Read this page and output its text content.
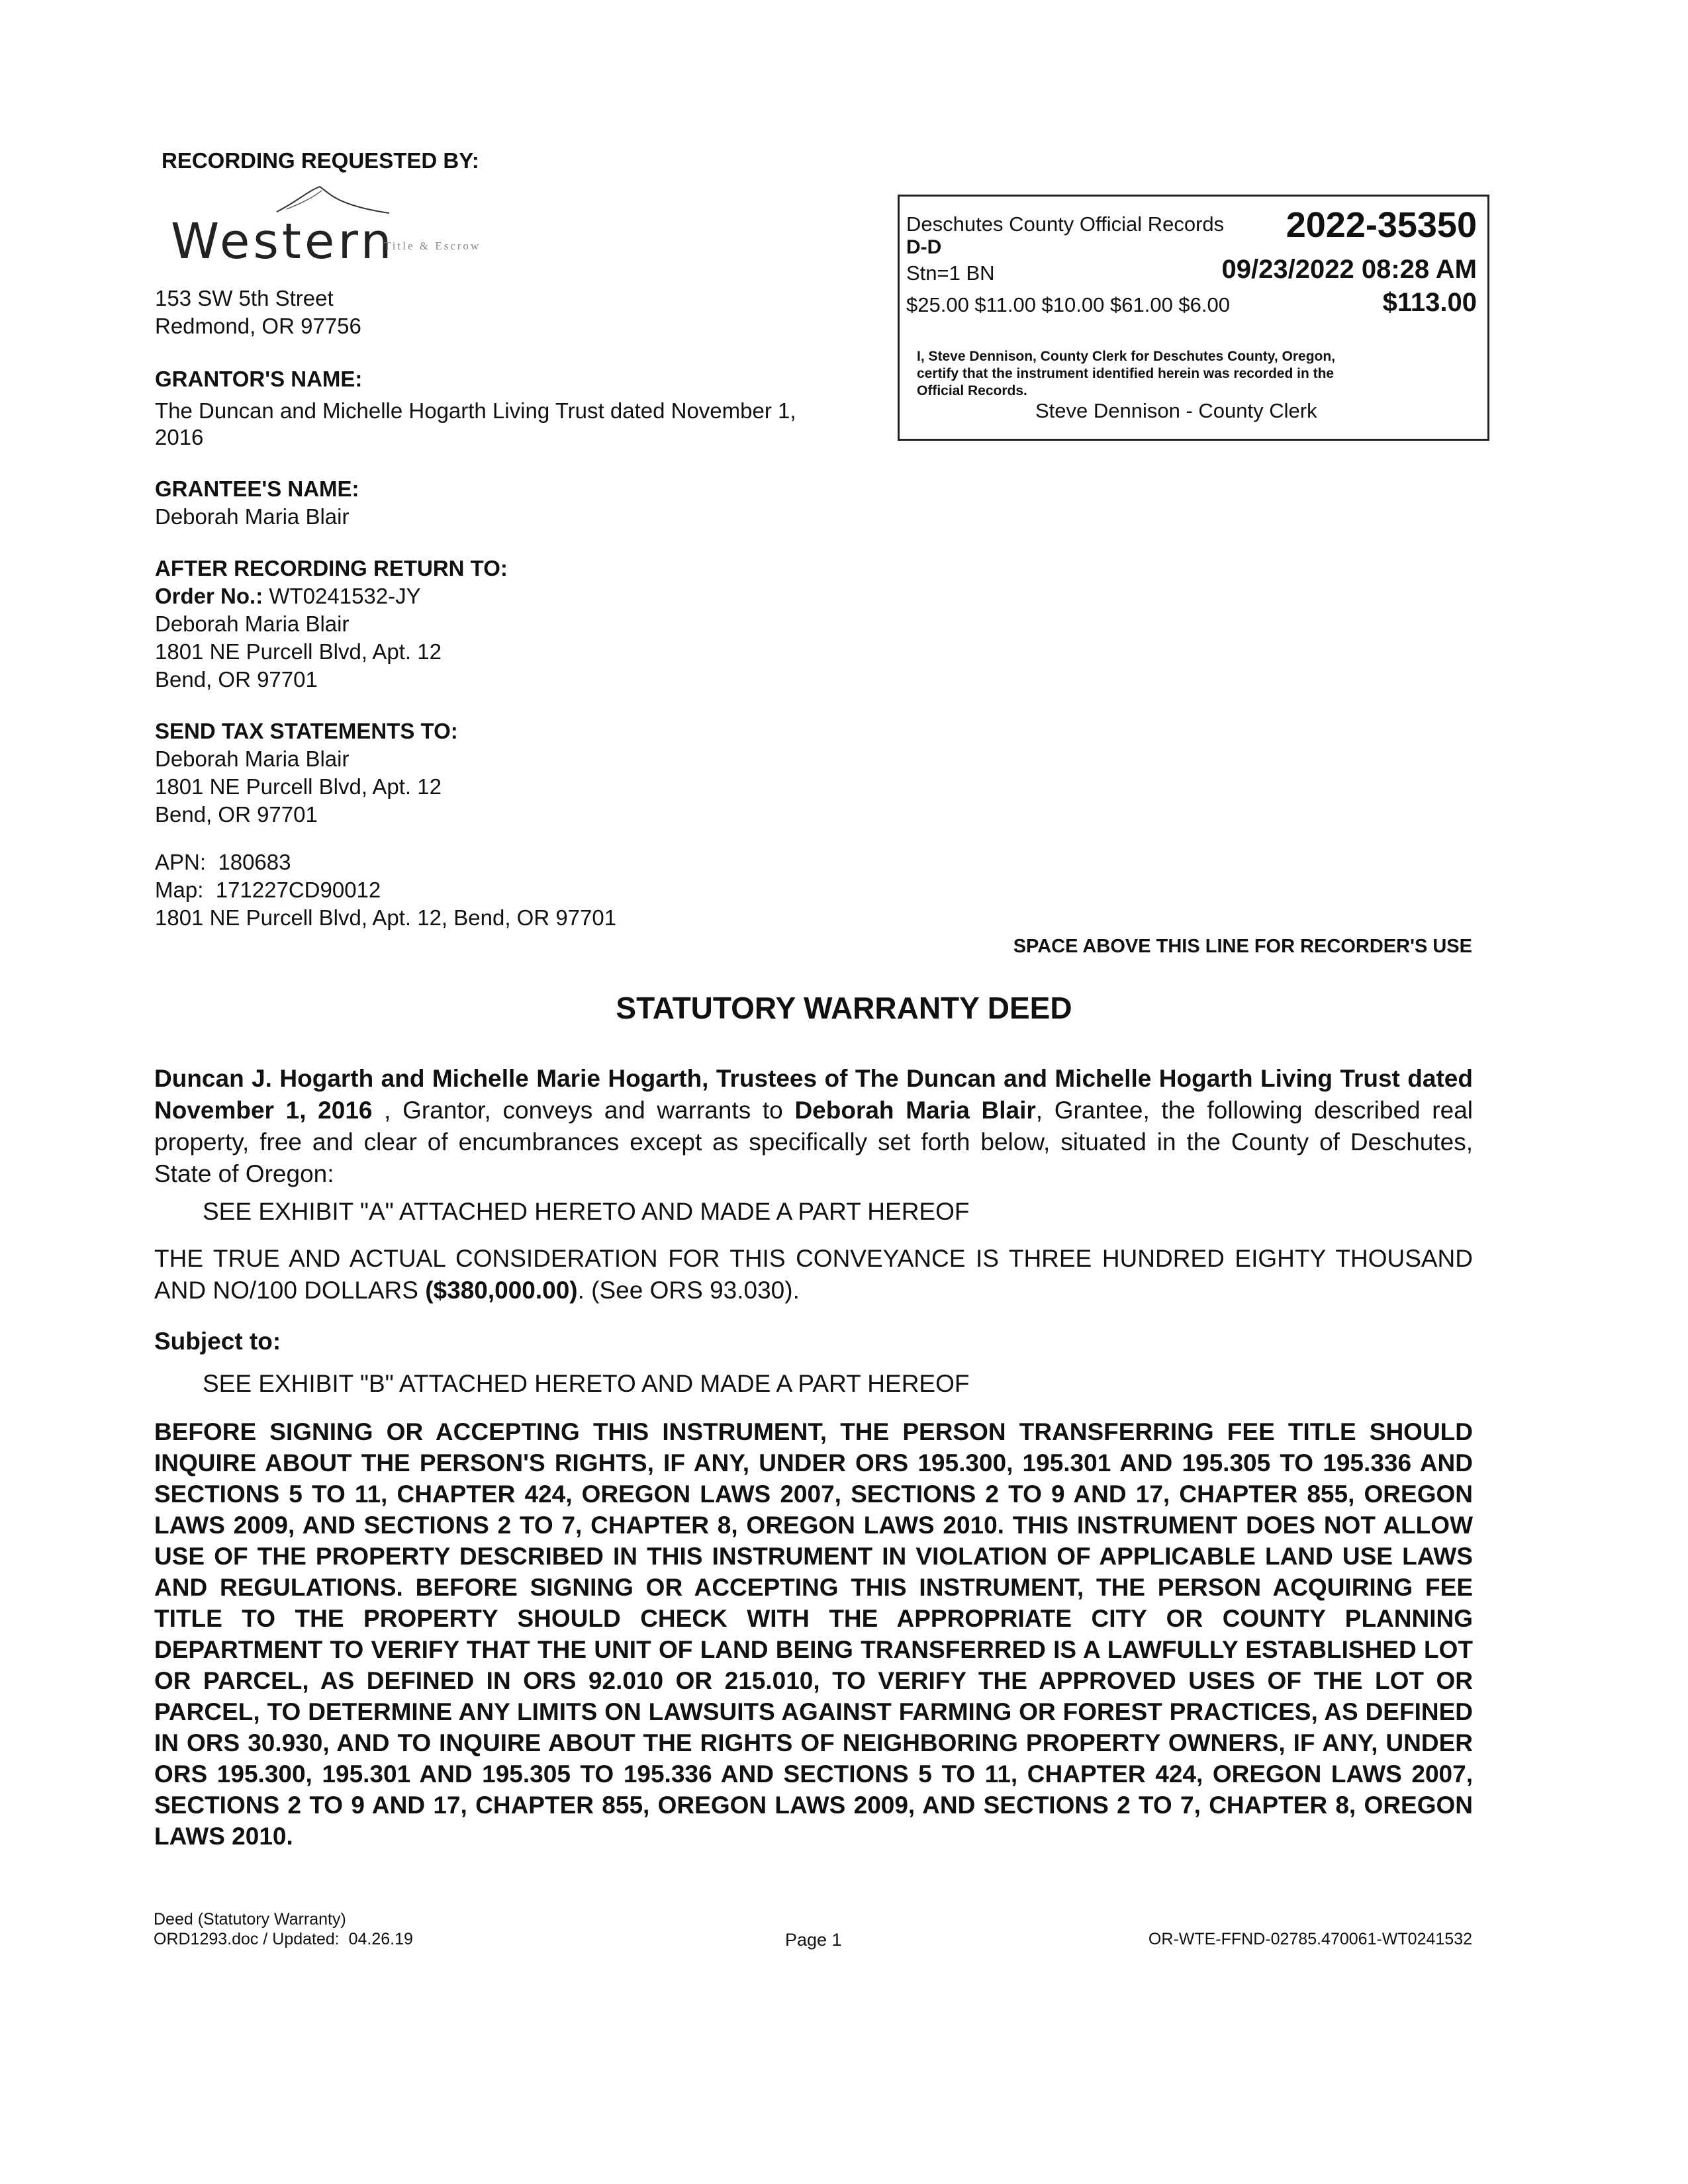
RECORDING REQUESTED BY:
Western
Title & Escrow
153 SW 5th Street
Redmond, OR 97756
GRANTOR'S NAME:
The Duncan and Michelle Hogarth Living Trust dated November 1,
2016
GRANTEE'S NAME:
Deborah Maria Blair
AFTER RECORDING RETURN TO:
Order No.: WT0241532-JY
Deborah Maria Blair
1801 NE Purcell Blvd, Apt. 12
Bend, OR 97701
SEND TAX STATEMENTS TO:
Deborah Maria Blair
1801 NE Purcell Blvd, Apt. 12
Bend, OR 97701
APN: 180683
Map: 171227CD90012
1801 NE Purcell Blvd, Apt. 12, Bend, OR 97701
Deschutes County Official Records 2022-35350
D-D
Stn=1 BN	09/23/2022 08:28 AM
$25.00 $11.00 $10.00 $61.00 $6.00	$113.00
I, Steve Dennison, County Clerk for Deschutes County, Oregon,
certify that the instrument identified herein was recorded in the
Official Records.
Steve Dennison - County Clerk
SPACE ABOVE THIS LINE FOR RECORDER'S USE
STATUTORY WARRANTY DEED
Duncan J. Hogarth and Michelle Marie Hogarth, Trustees of The Duncan and Michelle Hogarth Living Trust dated November 1, 2016 , Grantor, conveys and warrants to Deborah Maria Blair, Grantee, the following described real property, free and clear of encumbrances except as specifically set forth below, situated in the County of Deschutes, State of Oregon:
SEE EXHIBIT "A" ATTACHED HERETO AND MADE A PART HEREOF
THE TRUE AND ACTUAL CONSIDERATION FOR THIS CONVEYANCE IS THREE HUNDRED EIGHTY THOUSAND AND NO/100 DOLLARS ($380,000.00). (See ORS 93.030).
Subject to:
SEE EXHIBIT "B" ATTACHED HERETO AND MADE A PART HEREOF
BEFORE SIGNING OR ACCEPTING THIS INSTRUMENT, THE PERSON TRANSFERRING FEE TITLE SHOULD INQUIRE ABOUT THE PERSON'S RIGHTS, IF ANY, UNDER ORS 195.300, 195.301 AND 195.305 TO 195.336 AND SECTIONS 5 TO 11, CHAPTER 424, OREGON LAWS 2007, SECTIONS 2 TO 9 AND 17, CHAPTER 855, OREGON LAWS 2009, AND SECTIONS 2 TO 7, CHAPTER 8, OREGON LAWS 2010. THIS INSTRUMENT DOES NOT ALLOW USE OF THE PROPERTY DESCRIBED IN THIS INSTRUMENT IN VIOLATION OF APPLICABLE LAND USE LAWS AND REGULATIONS. BEFORE SIGNING OR ACCEPTING THIS INSTRUMENT, THE PERSON ACQUIRING FEE TITLE TO THE PROPERTY SHOULD CHECK WITH THE APPROPRIATE CITY OR COUNTY PLANNING DEPARTMENT TO VERIFY THAT THE UNIT OF LAND BEING TRANSFERRED IS A LAWFULLY ESTABLISHED LOT OR PARCEL, AS DEFINED IN ORS 92.010 OR 215.010, TO VERIFY THE APPROVED USES OF THE LOT OR PARCEL, TO DETERMINE ANY LIMITS ON LAWSUITS AGAINST FARMING OR FOREST PRACTICES, AS DEFINED IN ORS 30.930, AND TO INQUIRE ABOUT THE RIGHTS OF NEIGHBORING PROPERTY OWNERS, IF ANY, UNDER ORS 195.300, 195.301 AND 195.305 TO 195.336 AND SECTIONS 5 TO 11, CHAPTER 424, OREGON LAWS 2007, SECTIONS 2 TO 9 AND 17, CHAPTER 855, OREGON LAWS 2009, AND SECTIONS 2 TO 7, CHAPTER 8, OREGON LAWS 2010.
Deed (Statutory Warranty)
ORD1293.doc / Updated:  04.26.19	Page 1	OR-WTE-FFND-02785.470061-WT0241532
